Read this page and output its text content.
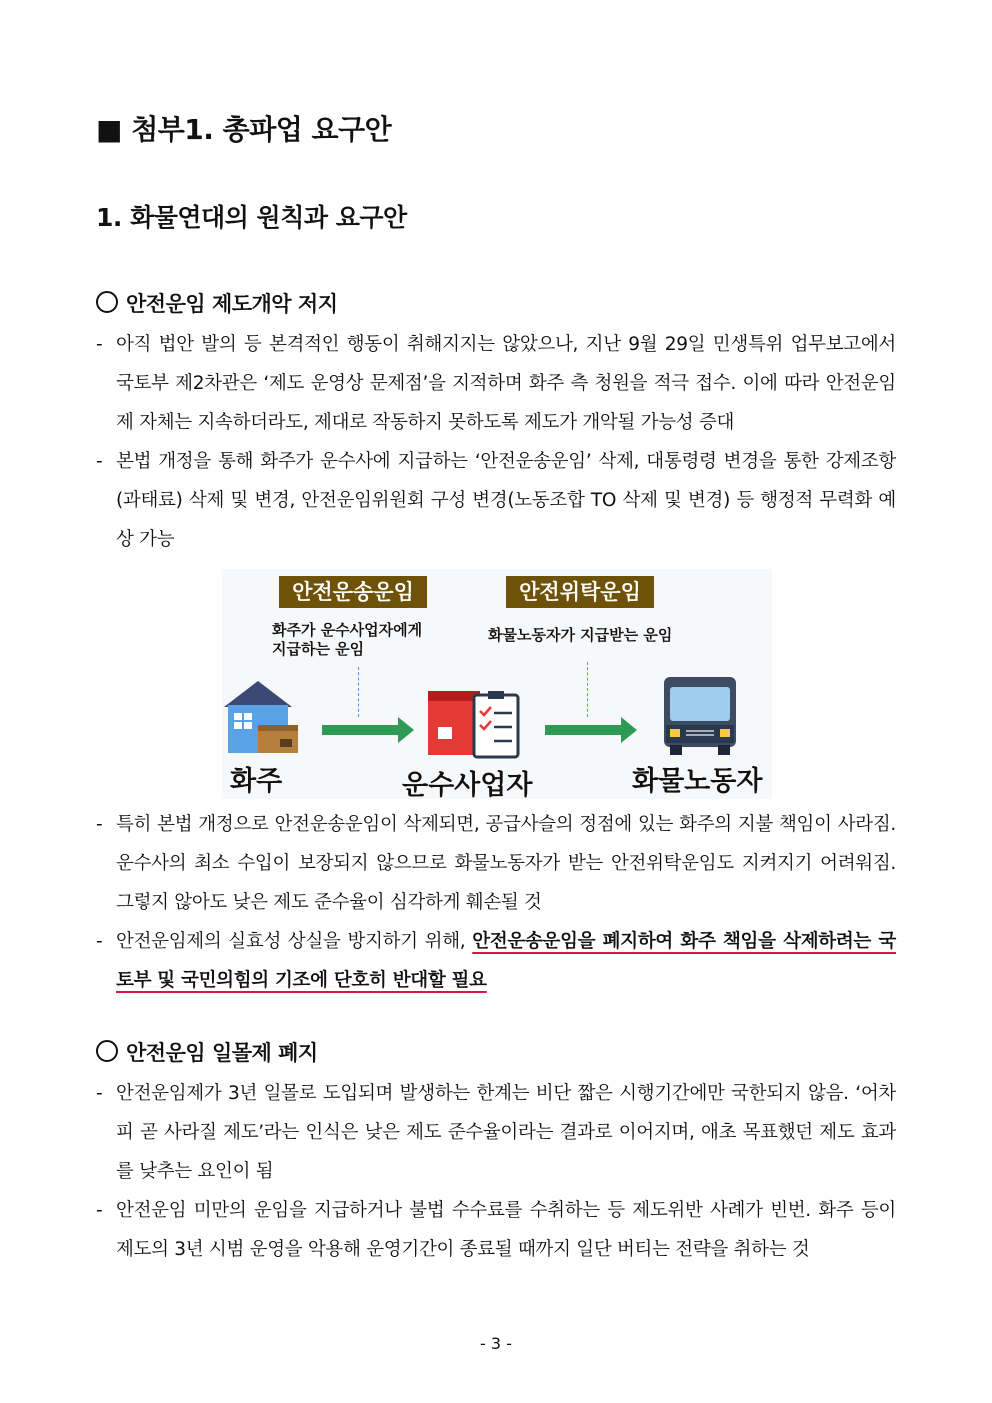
■ 첨부1. 총파업 요구안
1. 화물연대의 원칙과 요구안
안전운임 제도개악 저지
- 아직 법안 발의 등 본격적인 행동이 취해지지는 않았으나, 지난 9월 29일 민생특위 업무보고에서 국토부 제2차관은 ‘제도 운영상 문제점’을 지적하며 화주 측 청원을 적극 접수. 이에 따라 안전운임제 자체는 지속하더라도, 제대로 작동하지 못하도록 제도가 개악될 가능성 증대
- 본법 개정을 통해 화주가 운수사에 지급하는 ‘안전운송운임’ 삭제, 대통령령 변경을 통한 강제조항(과태료) 삭제 및 변경, 안전운임위원회 구성 변경(노동조합 TO 삭제 및 변경) 등 행정적 무력화 예상 가능
안전운송운임
화주가 운수사업자에게
지급하는 운임
안전위탁운임
화물노동자가 지급받는 운임
화주	운수사업자	화물노동자
- 특히 본법 개정으로 안전운송운임이 삭제되면, 공급사슬의 정점에 있는 화주의 지불 책임이 사라짐. 운수사의 최소 수입이 보장되지 않으므로 화물노동자가 받는 안전위탁운임도 지켜지기 어려워짐. 그렇지 않아도 낮은 제도 준수율이 심각하게 훼손될 것
- 안전운임제의 실효성 상실을 방지하기 위해, 안전운송운임을 폐지하여 화주 책임을 삭제하려는 국토부 및 국민의힘의 기조에 단호히 반대할 필요
안전운임 일몰제 폐지
- 안전운임제가 3년 일몰로 도입되며 발생하는 한계는 비단 짧은 시행기간에만 국한되지 않음. ‘어차피 곧 사라질 제도’라는 인식은 낮은 제도 준수율이라는 결과로 이어지며, 애초 목표했던 제도 효과를 낮추는 요인이 됨
- 안전운임 미만의 운임을 지급하거나 불법 수수료를 수취하는 등 제도위반 사례가 빈번. 화주 등이 제도의 3년 시범 운영을 악용해 운영기간이 종료될 때까지 일단 버티는 전략을 취하는 것
- 3 -
